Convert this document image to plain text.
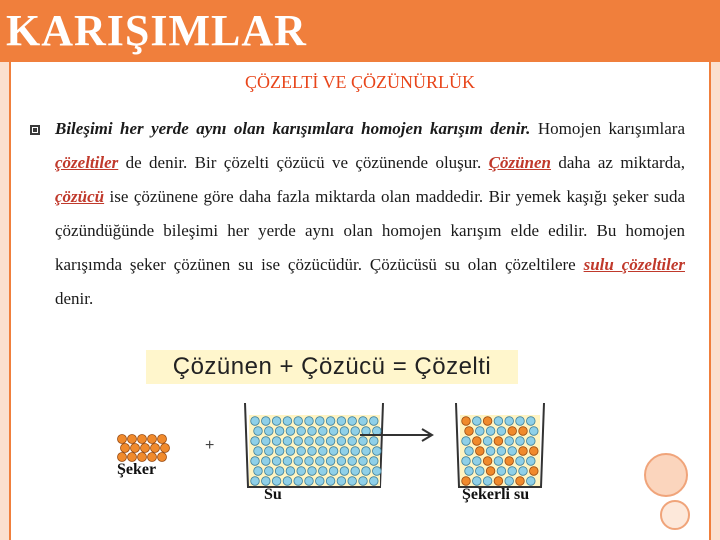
KARIŞIMLAR
ÇÖZELTİ VE ÇÖZÜNÜRLÜK
Bileşimi her yerde aynı olan karışımlara homojen karışım denir. Homojen karışımlara çözeltiler de denir. Bir çözelti çözücü ve çözünende oluşur. Çözünen daha az miktarda, çözücü ise çözünene göre daha fazla miktarda olan maddedir. Bir yemek kaşığı şeker suda çözündüğünde bileşimi her yerde aynı olan homojen karışım elde edilir. Bu homojen karışımda şeker çözünen su ise çözücüdür. Çözücüsü su olan çözeltilere sulu çözeltiler denir.
Çözünen + Çözücü = Çözelti
+
Şeker
Su	Şekerli su
